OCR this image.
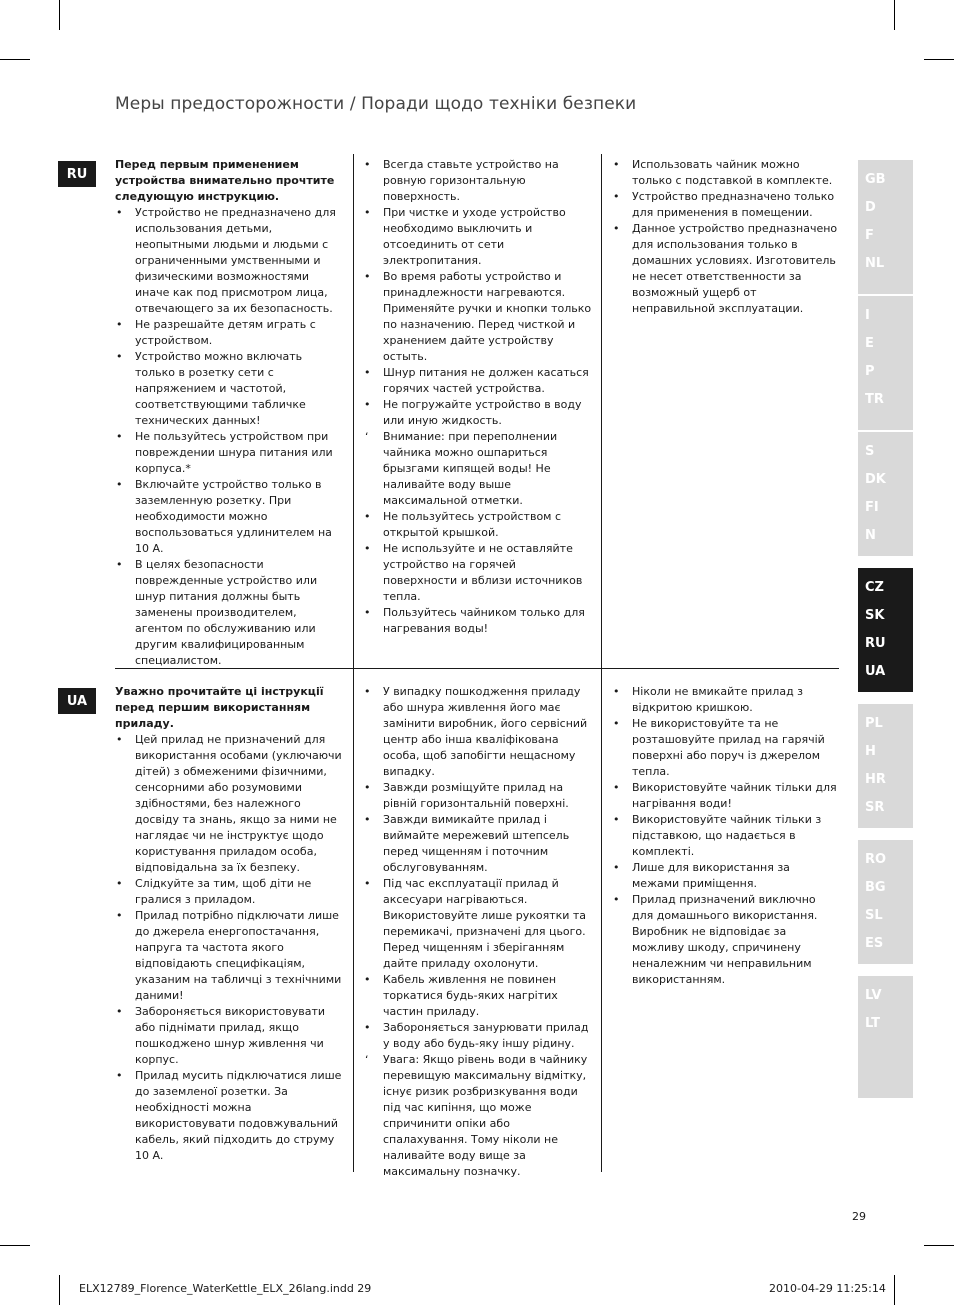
Меры предосторожности / Поради щодо техніки безпеки
RU

Перед первым применением устройства внимательно прочтите следующую инструкцию.

• Устройство не предназначено для использования детьми, неопытными людьми и людьми с ограниченными умственными и физическими возможностями иначе как под присмотром лица, отвечающего за их безопасность.
• Не разрешайте детям играть с устройством.
• Устройство можно включать только в розетку сети с напряжением и частотой, соответствующими табличке технических данных!
• Не пользуйтесь устройством при повреждении шнура питания или корпуса.*
• Включайте устройство только в заземленную розетку. При необходимости можно воспользоваться удлинителем на 10 А.
• В целях безопасности поврежденные устройство или шнур питания должны быть заменены производителем, агентом по обслуживанию или другим квалифицированным специалистом.
• Всегда ставьте устройство на ровную горизонтальную поверхность.
• При чистке и уходе устройство необходимо выключить и отсоединить от сети электропитания.
• Во время работы устройство и принадлежности нагреваются. Применяйте ручки и кнопки только по назначению. Перед чисткой и хранением дайте устройству остыть.
• Шнур питания не должен касаться горячих частей устройства.
• Не погружайте устройство в воду или иную жидкость.
ʻ Внимание: при переполнении чайника можно ошпариться брызгами кипящей воды! Не наливайте воду выше максимальной отметки.
• Не пользуйтесь устройством с открытой крышкой.
• Не используйте и не оставляйте устройство на горячей поверхности и вблизи источников тепла.
• Пользуйтесь чайником только для нагревания воды!
• Использовать чайник можно только с подставкой в комплекте.
• Устройство предназначено только для применения в помещении.
• Данное устройство предназначено для использования только в домашних условиях. Изготовитель не несет ответственности за возможный ущерб от неправильной эксплуатации.
UA

Уважно прочитайте ці інструкції перед першим використанням приладу.

• Цей прилад не призначений для використання особами (уключаючи дітей) з обмеженими фізичними, сенсорними або розумовими здібностями, без належного досвіду та знань, якщо за ними не наглядає чи не інструктує щодо користування приладом особа, відповідальна за їх безпеку.
• Слідкуйте за тим, щоб діти не гралися з приладом.
• Прилад потрібно підключати лише до джерела енергопостачання, напруга та частота якого відповідають специфікаціям, указаним на табличці з технічними даними!
• Забороняється використовувати або піднімати прилад, якщо пошкоджено шнур живлення чи корпус.
• Прилад мусить підключатися лише до заземленої розетки. За необхідності можна використовувати подовжувальний кабель, який підходить до струму 10 A.
• У випадку пошкодження приладу або шнура живлення його має замінити виробник, його сервісний центр або інша кваліфікована особа, щоб запобігти нещасному випадку.
• Завжди розміщуйте прилад на рівній горизонтальній поверхні.
• Завжди вимикайте прилад і виймайте мережевий штепсель перед чищенням і поточним обслуговуванням.
• Під час експлуатації прилад й аксесуари нагріваються. Використовуйте лише рукоятки та перемикачі, призначені для цього. Перед чищенням і зберіганням дайте приладу охолонути.
• Кабель живлення не повинен торкатися будь-яких нагрітих частин приладу.
• Забороняється занурювати прилад у воду або будь-яку іншу рідину.
ʻ Увага: Якщо рівень води в чайнику перевищую максимальну відмітку, існує ризик розбризкування води під час кипіння, що може спричинити опіки або спалахування. Тому ніколи не наливайте воду вище за максимальну позначку.
• Ніколи не вмикайте прилад з відкритою кришкою.
• Не використовуйте та не розташовуйте прилад на гарячій поверхні або поруч із джерелом тепла.
• Використовуйте чайник тільки для нагрівання води!
• Використовуйте чайник тільки з підставкою, що надається в комплекті.
• Лише для використання за межами приміщення.
• Прилад призначений виключно для домашнього використання. Виробник не відповідає за можливу шкоду, спричинену неналежним чи неправильним використанням.
GB
D
F
NL
I
E
P
TR
S
DK
FI
N
CZ
SK
RU
UA
PL
H
HR
SR
RO
BG
SL
ES
LV
LT
29
ELX12789_Florence_WaterKettle_ELX_26lang.indd 29	2010-04-29 11:25:14
